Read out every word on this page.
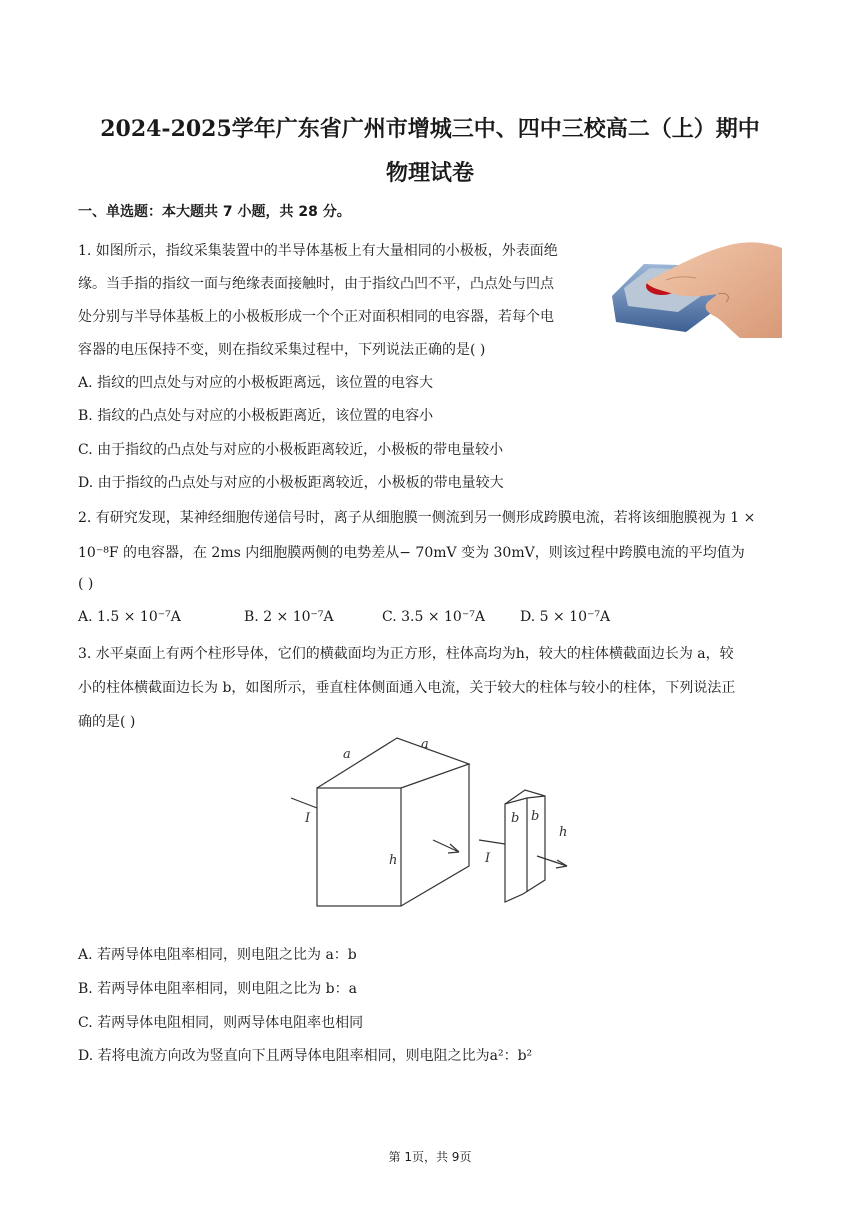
2024-2025学年广东省广州市增城三中、四中三校高二（上）期中
物理试卷
一、单选题：本大题共 7 小题，共 28 分。
1. 如图所示，指纹采集装置中的半导体基板上有大量相同的小极板，外表面绝
缘。当手指的指纹一面与绝缘表面接触时，由于指纹凸凹不平，凸点处与凹点
处分别与半导体基板上的小极板形成一个个正对面积相同的电容器，若每个电
容器的电压保持不变，则在指纹采集过程中，下列说法正确的是( )
A. 指纹的凹点处与对应的小极板距离远，该位置的电容大
B. 指纹的凸点处与对应的小极板距离近，该位置的电容小
C. 由于指纹的凸点处与对应的小极板距离较近，小极板的带电量较小
D. 由于指纹的凸点处与对应的小极板距离较近，小极板的带电量较大
2. 有研究发现，某神经细胞传递信号时，离子从细胞膜一侧流到另一侧形成跨膜电流，若将该细胞膜视为 1 ×
10⁻⁸F 的电容器，在 2ms 内细胞膜两侧的电势差从− 70mV 变为 30mV，则该过程中跨膜电流的平均值为
( )
A. 1.5 × 10⁻⁷A	B. 2 × 10⁻⁷A	C. 3.5 × 10⁻⁷A	D. 5 × 10⁻⁷A
3. 水平桌面上有两个柱形导体，它们的横截面均为正方形，柱体高均为h，较大的柱体横截面边长为 a，较
小的柱体横截面边长为 b，如图所示，垂直柱体侧面通入电流，关于较大的柱体与较小的柱体，下列说法正
确的是( )
a
a
I
h
b b
I
h
A. 若两导体电阻率相同，则电阻之比为 a：b
B. 若两导体电阻率相同，则电阻之比为 b：a
C. 若两导体电阻相同，则两导体电阻率也相同
D. 若将电流方向改为竖直向下且两导体电阻率相同，则电阻之比为a²：b²
第 1页，共 9页
